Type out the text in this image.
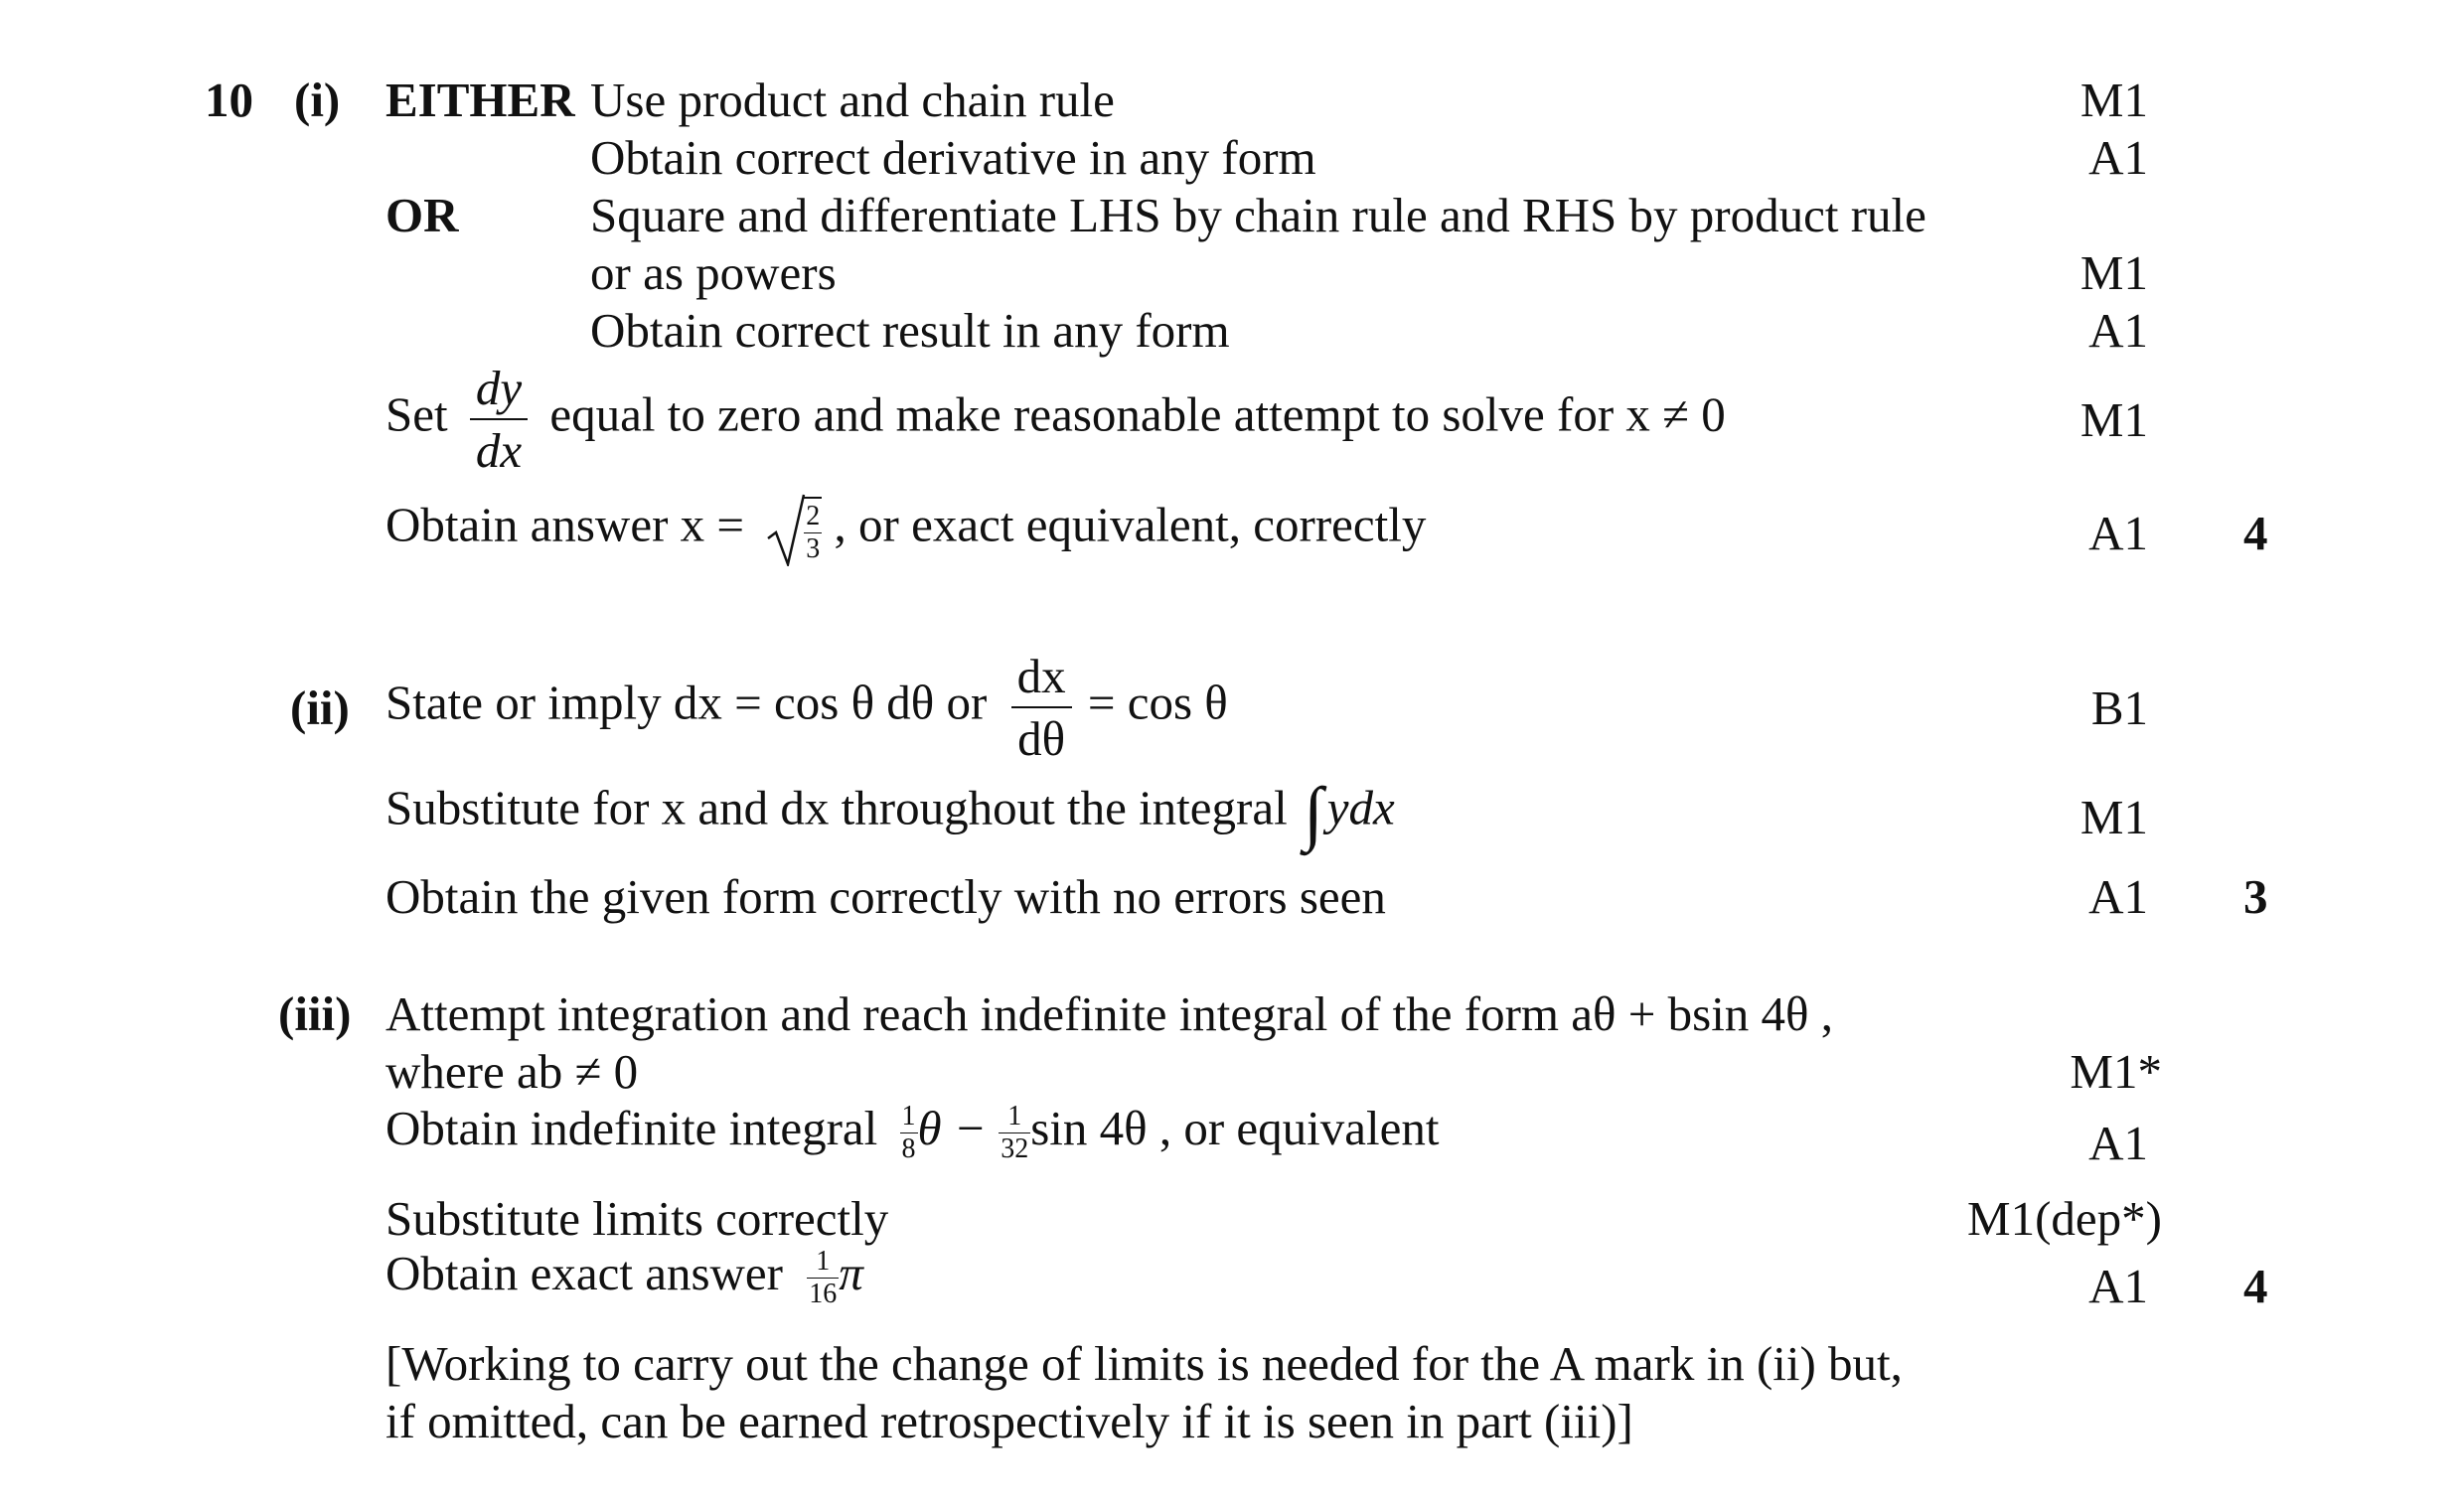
10 (i) EITHER Use product and chain rule	M1
Obtain correct derivative in any form	A1
OR	Square and differentiate LHS by chain rule and RHS by product rule
or as powers	M1
Obtain correct result in any form	A1
Set $\frac{dy}{dx}$ equal to zero and make reasonable attempt to solve for x ≠ 0	M1
Obtain answer $x = \frac{2}{3}$ , or exact equivalent, correctly	A1 4
(ii) State or imply dx = cos θ dθ or $\frac{dx}{d\theta} = \cos \theta$	B1
Substitute for x and dx throughout the integral ∫ydx	M1
Obtain the given form correctly with no errors seen	A1 3
(iii) Attempt integration and reach indefinite integral of the form aθ + bsin 4θ ,
where ab ≠ 0	M1*
Obtain indefinite integral $\frac{1}{8}$ $\theta - \frac{1}{32}$ sin 4θ , or equivalent	A1
Substitute limits correctly	M1(dep*)
Obtain exact answer $\frac{1}{16}$ π	A1 4
[Working to carry out the change of limits is needed for the A mark in (ii) but,
if omitted, can be earned retrospectively if it is seen in part (iii)]
